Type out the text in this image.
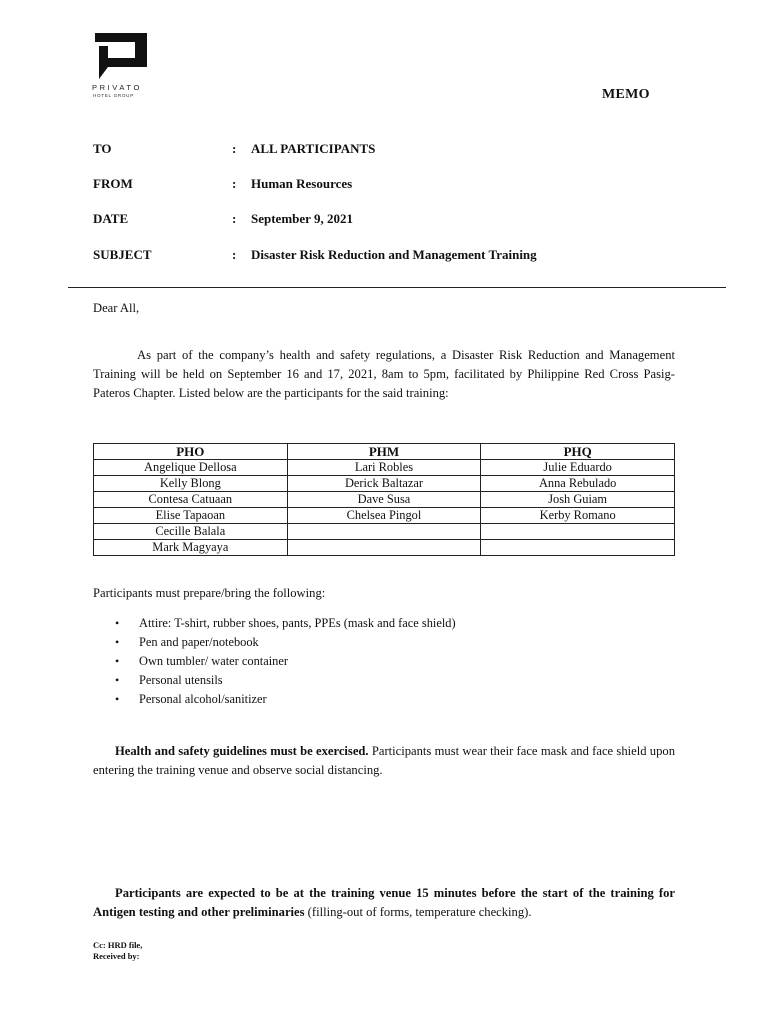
PRIVATO
HOTEL GROUP	MEMO
TO	: ALL PARTICIPANTS
FROM	: Human Resources
DATE	: September 9, 2021
SUBJECT	: Disaster Risk Reduction and Management Training
Dear All,

As part of the company’s health and safety regulations, a Disaster Risk Reduction and Management Training will be held on September 16 and 17, 2021, 8am to 5pm, facilitated by Philippine Red Cross Pasig-Pateros Chapter. Listed below are the participants for the said training:

PHO	PHM	PHQ
Angelique Dellosa	Lari Robles	Julie Eduardo
Kelly Blong	Derick Baltazar	Anna Rebulado
Contesa Catuaan	Dave Susa	Josh Guiam
Elise Tapaoan	Chelsea Pingol	Kerby Romano
Cecille Balala		
Mark Magyaya		
Participants must prepare/bring the following:
• Attire: T-shirt, rubber shoes, pants, PPEs (mask and face shield)
• Pen and paper/notebook
• Own tumbler/ water container
• Personal utensils
• Personal alcohol/sanitizer

Health and safety guidelines must be exercised. Participants must wear their face mask and face shield upon entering the training venue and observe social distancing.

Participants are expected to be at the training venue 15 minutes before the start of the training for Antigen testing and other preliminaries (filling-out of forms, temperature checking).

Cc: HRD file,
Received by:
